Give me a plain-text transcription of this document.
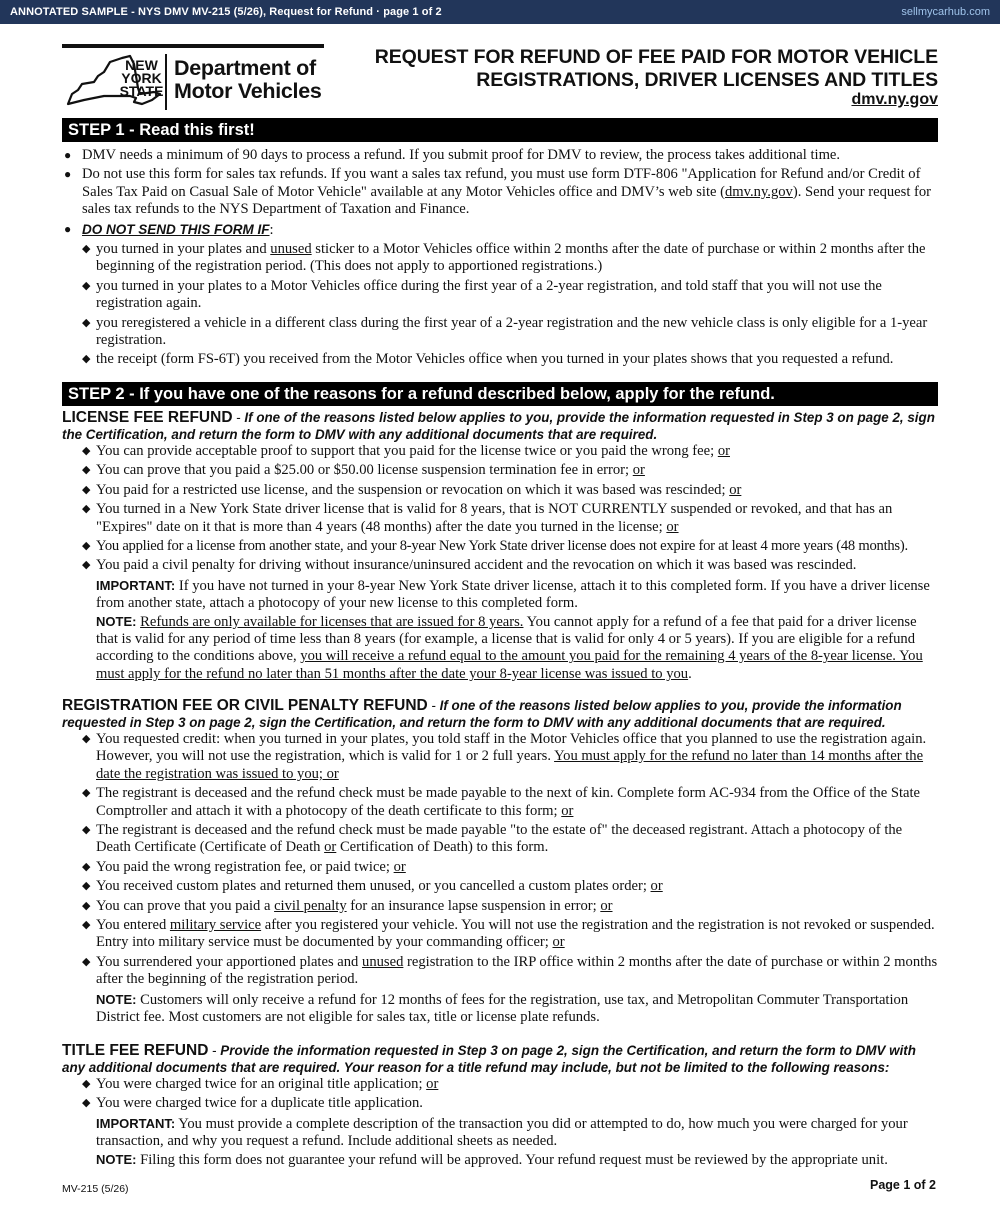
ANNOTATED SAMPLE - NYS DMV MV-215 (5/26), Request for Refund · page 1 of 2	sellmycarhub.com
NEW
YORK
STATE
Department of
Motor Vehicles
REQUEST FOR REFUND OF FEE PAID FOR MOTOR VEHICLE
REGISTRATIONS, DRIVER LICENSES AND TITLES
dmv.ny.gov
STEP 1 - Read this first!
● DMV needs a minimum of 90 days to process a refund. If you submit proof for DMV to review, the process takes additional time.
● Do not use this form for sales tax refunds. If you want a sales tax refund, you must use form DTF-806 "Application for Refund and/or Credit of Sales Tax Paid on Casual Sale of Motor Vehicle" available at any Motor Vehicles office and DMV’s web site (dmv.ny.gov). Send your request for sales tax refunds to the NYS Department of Taxation and Finance.
● DO NOT SEND THIS FORM IF:
◆ you turned in your plates and unused sticker to a Motor Vehicles office within 2 months after the date of purchase or within 2 months after the beginning of the registration period. (This does not apply to apportioned registrations.)
◆ you turned in your plates to a Motor Vehicles office during the first year of a 2-year registration, and told staff that you will not use the registration again.
◆ you reregistered a vehicle in a different class during the first year of a 2-year registration and the new vehicle class is only eligible for a 1-year registration.
◆ the receipt (form FS-6T) you received from the Motor Vehicles office when you turned in your plates shows that you requested a refund.
STEP 2 - If you have one of the reasons for a refund described below, apply for the refund.

LICENSE FEE REFUND - If one of the reasons listed below applies to you, provide the information requested in Step 3 on page 2, sign the Certification, and return the form to DMV with any additional documents that are required.

◆ You can provide acceptable proof to support that you paid for the license twice or you paid the wrong fee; or
◆ You can prove that you paid a $25.00 or $50.00 license suspension termination fee in error; or
◆ You paid for a restricted use license, and the suspension or revocation on which it was based was rescinded; or
◆ You turned in a New York State driver license that is valid for 8 years, that is NOT CURRENTLY suspended or revoked, and that has an "Expires" date on it that is more than 4 years (48 months) after the date you turned in the license; or
◆ You applied for a license from another state, and your 8-year New York State driver license does not expire for at least 4 more years (48 months).
◆ You paid a civil penalty for driving without insurance/uninsured accident and the revocation on which it was based was rescinded.

IMPORTANT: If you have not turned in your 8-year New York State driver license, attach it to this completed form. If you have a driver license from another state, attach a photocopy of your new license to this completed form.

NOTE: Refunds are only available for licenses that are issued for 8 years. You cannot apply for a refund of a fee that paid for a driver license that is valid for any period of time less than 8 years (for example, a license that is valid for only 4 or 5 years). If you are eligible for a refund according to the conditions above, you will receive a refund equal to the amount you paid for the remaining 4 years of the 8-year license. You must apply for the refund no later than 51 months after the date your 8-year license was issued to you.

REGISTRATION FEE OR CIVIL PENALTY REFUND - If one of the reasons listed below applies to you, provide the information requested in Step 3 on page 2, sign the Certification, and return the form to DMV with any additional documents that are required.

◆ You requested credit: when you turned in your plates, you told staff in the Motor Vehicles office that you planned to use the registration again. However, you will not use the registration, which is valid for 1 or 2 full years. You must apply for the refund no later than 14 months after the date the registration was issued to you; or
◆ The registrant is deceased and the refund check must be made payable to the next of kin. Complete form AC-934 from the Office of the State Comptroller and attach it with a photocopy of the death certificate to this form; or
◆ The registrant is deceased and the refund check must be made payable "to the estate of" the deceased registrant. Attach a photocopy of the Death Certificate (Certificate of Death or Certification of Death) to this form.
◆ You paid the wrong registration fee, or paid twice; or
◆ You received custom plates and returned them unused, or you cancelled a custom plates order; or
◆ You can prove that you paid a civil penalty for an insurance lapse suspension in error; or
◆ You entered military service after you registered your vehicle. You will not use the registration and the registration is not revoked or suspended. Entry into military service must be documented by your commanding officer; or
◆ You surrendered your apportioned plates and unused registration to the IRP office within 2 months after the date of purchase or within 2 months after the beginning of the registration period.

NOTE: Customers will only receive a refund for 12 months of fees for the registration, use tax, and Metropolitan Commuter Transportation District fee. Most customers are not eligible for sales tax, title or license plate refunds.

TITLE FEE REFUND - Provide the information requested in Step 3 on page 2, sign the Certification, and return the form to DMV with any additional documents that are required. Your reason for a title refund may include, but not be limited to the following reasons:

◆ You were charged twice for an original title application; or
◆ You were charged twice for a duplicate title application.

IMPORTANT: You must provide a complete description of the transaction you did or attempted to do, how much you were charged for your transaction, and why you request a refund. Include additional sheets as needed.

NOTE: Filing this form does not guarantee your refund will be approved. Your refund request must be reviewed by the appropriate unit.

MV-215 (5/26)	Page 1 of 2
